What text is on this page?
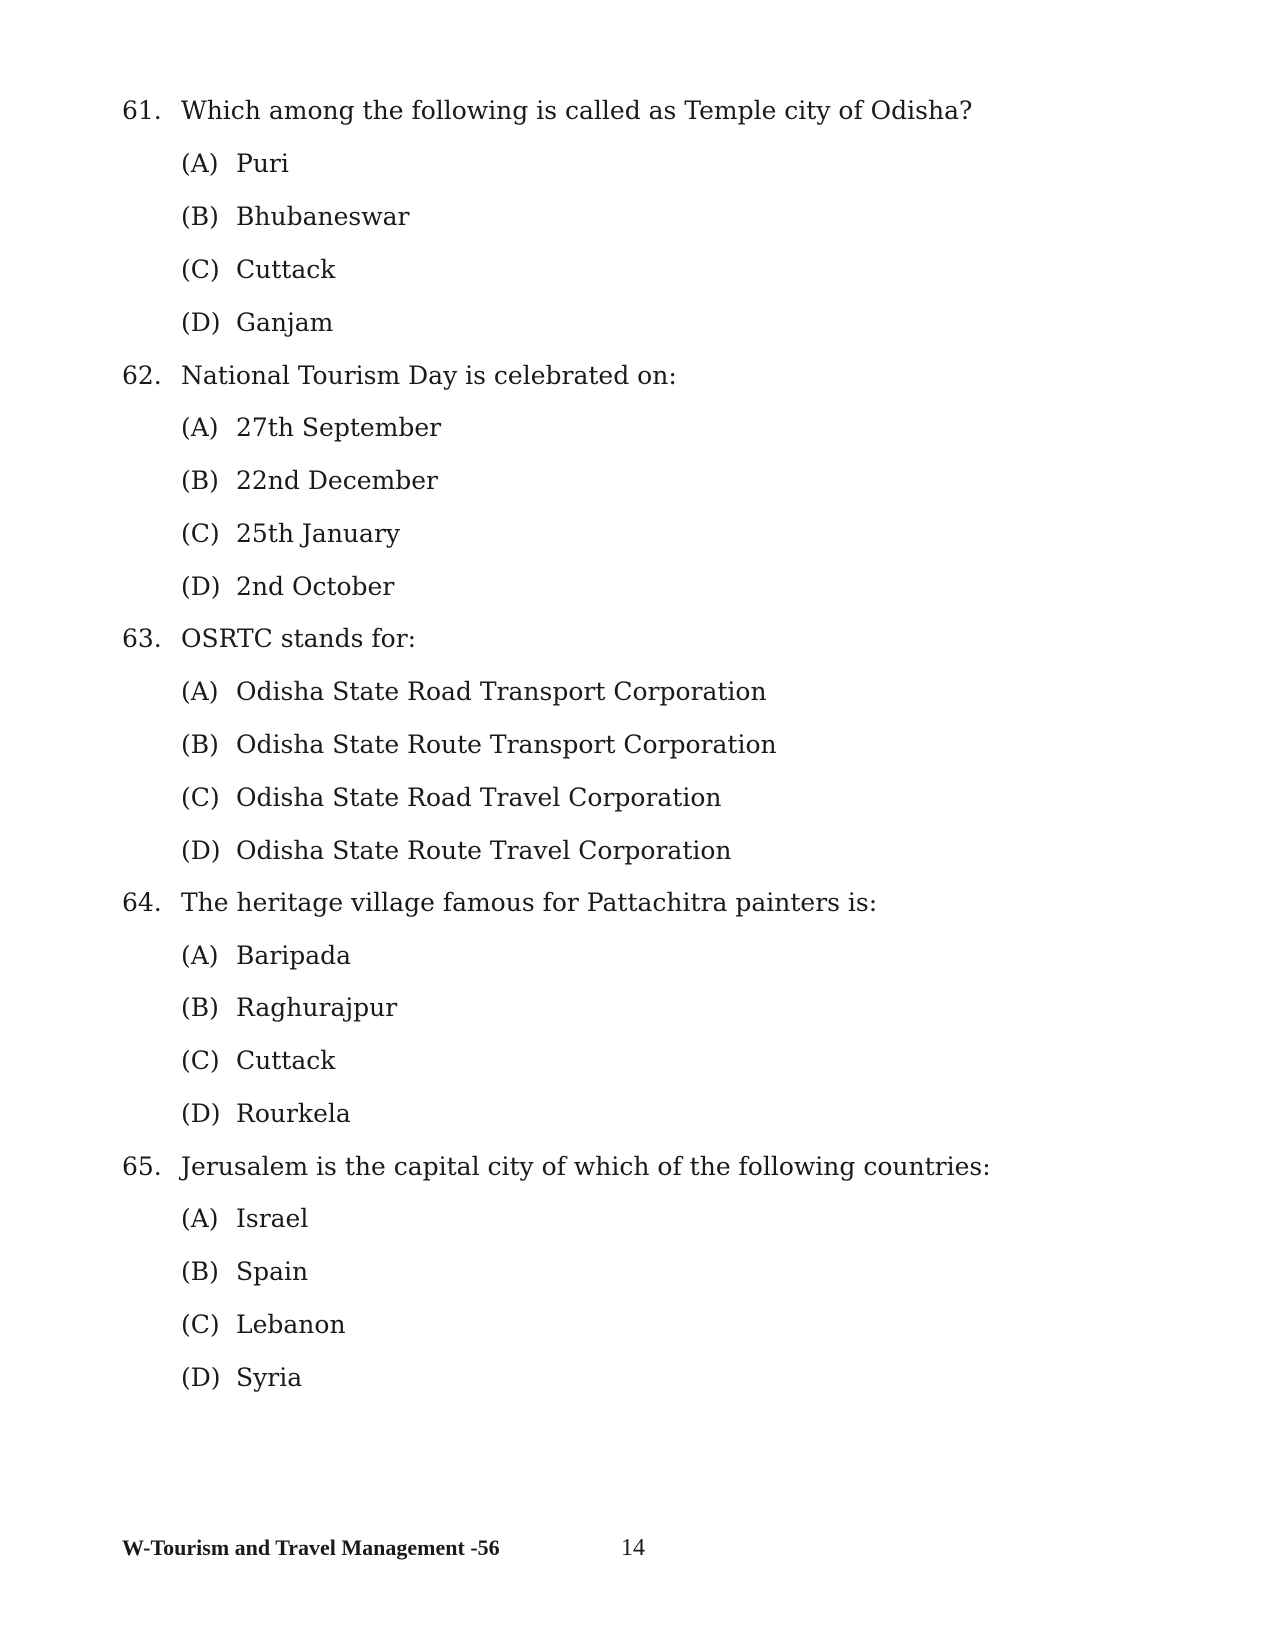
61. Which among the following is called as Temple city of Odisha?
(A) Puri
(B) Bhubaneswar
(C) Cuttack
(D) Ganjam
62. National Tourism Day is celebrated on:
(A) 27th September
(B) 22nd December
(C) 25th January
(D) 2nd October
63. OSRTC stands for:
(A) Odisha State Road Transport Corporation
(B) Odisha State Route Transport Corporation
(C) Odisha State Road Travel Corporation
(D) Odisha State Route Travel Corporation
64. The heritage village famous for Pattachitra painters is:
(A) Baripada
(B) Raghurajpur
(C) Cuttack
(D) Rourkela
65. Jerusalem is the capital city of which of the following countries:
(A) Israel
(B) Spain
(C) Lebanon
(D) Syria
W-Tourism and Travel Management -56	14
